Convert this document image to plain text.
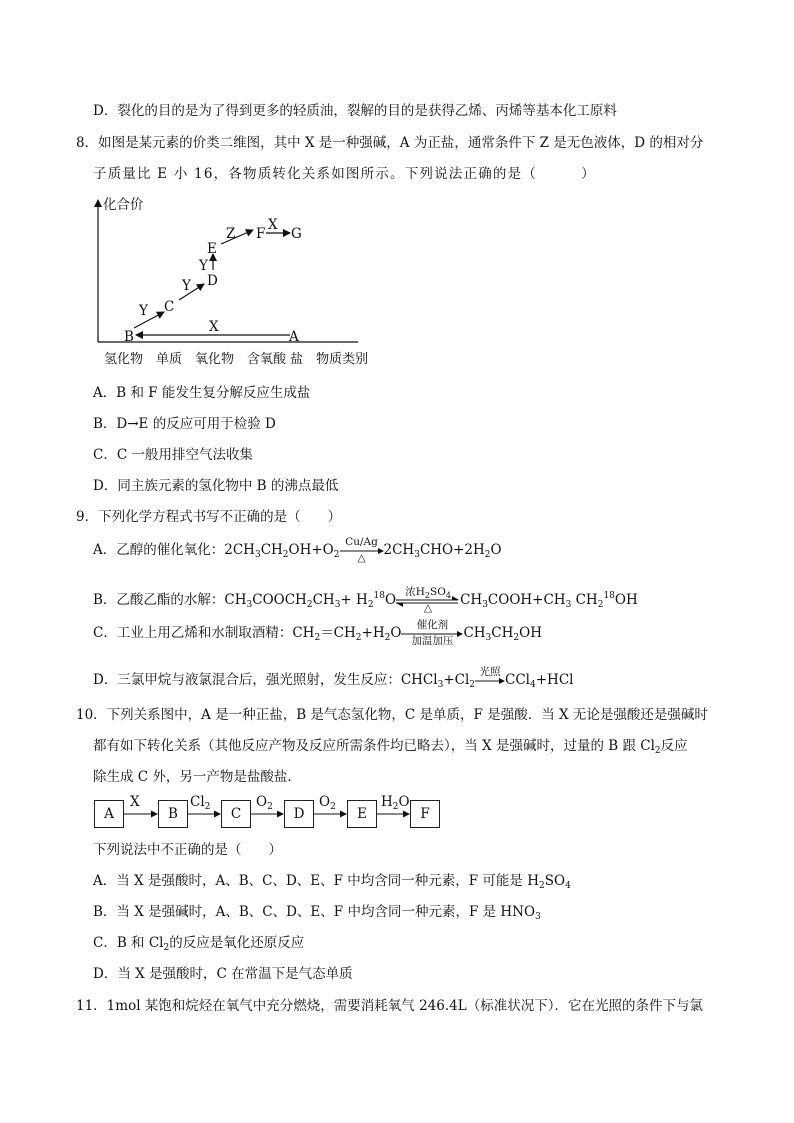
D．裂化的目的是为了得到更多的轻质油，裂解的目的是获得乙烯、丙烯等基本化工原料
8．如图是某元素的价类二维图，其中 X 是一种强碱，A 为正盐，通常条件下 Z 是无色液体，D 的相对分
子质量比 E 小 16，各物质转化关系如图所示。下列说法正确的是（　　　）
化合价
A
B
C
D
E
F G
X
Y
Y
Y
Z
X
氢化物　单质　氧化物　含氧酸 盐　物质类别
A．B 和 F 能发生复分解反应生成盐
B．D→E 的反应可用于检验 D
C．C 一般用排空气法收集
D．同主族元素的氢化物中 B 的沸点最低
9．下列化学方程式书写不正确的是（　　）
A．乙醇的催化氧化：$2CH_3CH_2OH+O_2$
Cu/Ag
△	$2CH_3CHO+2H_2O$
B．乙酸乙酯的水解：$CH_3COOCH_2CH_3+ H_2^{18}O$
浓$H_2SO_4$
△	$CH_3COOH+CH_3$ $CH_2^{18}OH$
C．工业上用乙烯和水制取酒精：$CH_2=CH_2+H_2O$
催化剂
加温加压 $CH_3CH_2OH$
D．三氯甲烷与液氯混合后，强光照射，发生反应：$CHCl_3+Cl_2$
光照
CCl$_4$+HCl
10．下列关系图中，A 是一种正盐，B 是气态氢化物，C 是单质，F 是强酸．当 X 无论是强酸还是强碱时
都有如下转化关系（其他反应产物及反应所需条件均已略去），当 X 是强碱时，过量的 B 跟 $Cl_2$反应
除生成 C 外，另一产物是盐酸盐．
A	B	C	D	E	F
X	$Cl_2$	$O_2$	$O_2$	$H_2O$
下列说法中不正确的是（　　）
A．当 X 是强酸时，A、B、C、D、E、F 中均含同一种元素，F 可能是 $H_2SO_4$
B．当 X 是强碱时，A、B、C、D、E、F 中均含同一种元素，F 是 $HNO_3$
C．B 和 $Cl_2$的反应是氧化还原反应
D．当 X 是强酸时，C 在常温下是气态单质
11．1mol 某饱和烷烃在氧气中充分燃烧，需要消耗氧气 246.4L（标准状况下）．它在光照的条件下与氯
